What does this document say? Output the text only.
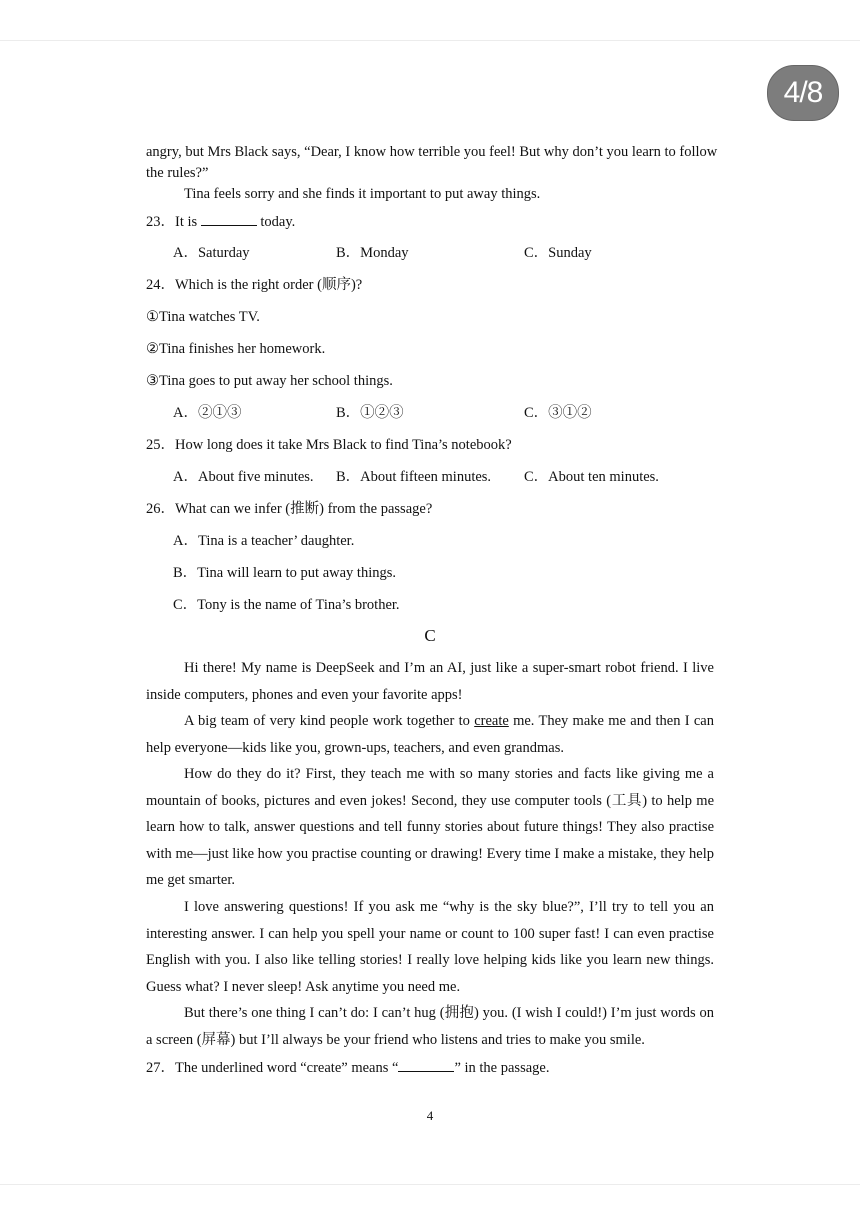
4/8
angry, but Mrs Black says, “Dear, I know how terrible you feel! But why don’t you learn to follow
the rules?”
Tina feels sorry and she finds it important to put away things.
23．It is	today.
A．Saturday	B．Monday	C．Sunday
24．Which is the right order (顺序)?
①Tina watches TV.
②Tina finishes her homework.
③Tina goes to put away her school things.
A．②①③	B．①②③	C．③①②
25．How long does it take Mrs Black to find Tina’s notebook?
A．About five minutes. B．About fifteen minutes. C．About ten minutes.
26．What can we infer (推断) from the passage?
A．Tina is a teacher’ daughter.
B．Tina will learn to put away things.
C．Tony is the name of Tina’s brother.
C
Hi there! My name is DeepSeek and I’m an AI, just like a super-smart robot friend. I live inside computers, phones and even your favorite apps!
A big team of very kind people work together to create me. They make me and then I can help everyone—kids like you, grown-ups, teachers, and even grandmas.
How do they do it? First, they teach me with so many stories and facts like giving me a mountain of books, pictures and even jokes! Second, they use computer tools (工具) to help me learn how to talk, answer questions and tell funny stories about future things! They also practise with me—just like how you practise counting or drawing! Every time I make a mistake, they help me get smarter.
I love answering questions! If you ask me “why is the sky blue?”, I’ll try to tell you an interesting answer. I can help you spell your name or count to 100 super fast! I can even practise English with you. I also like telling stories! I really love helping kids like you learn new things. Guess what? I never sleep! Ask anytime you need me.
But there’s one thing I can’t do: I can’t hug (拥抱) you. (I wish I could!) I’m just words on a screen (屏幕) but I’ll always be your friend who listens and tries to make you smile.
27．The underlined word “create” means “	” in the passage.
4
